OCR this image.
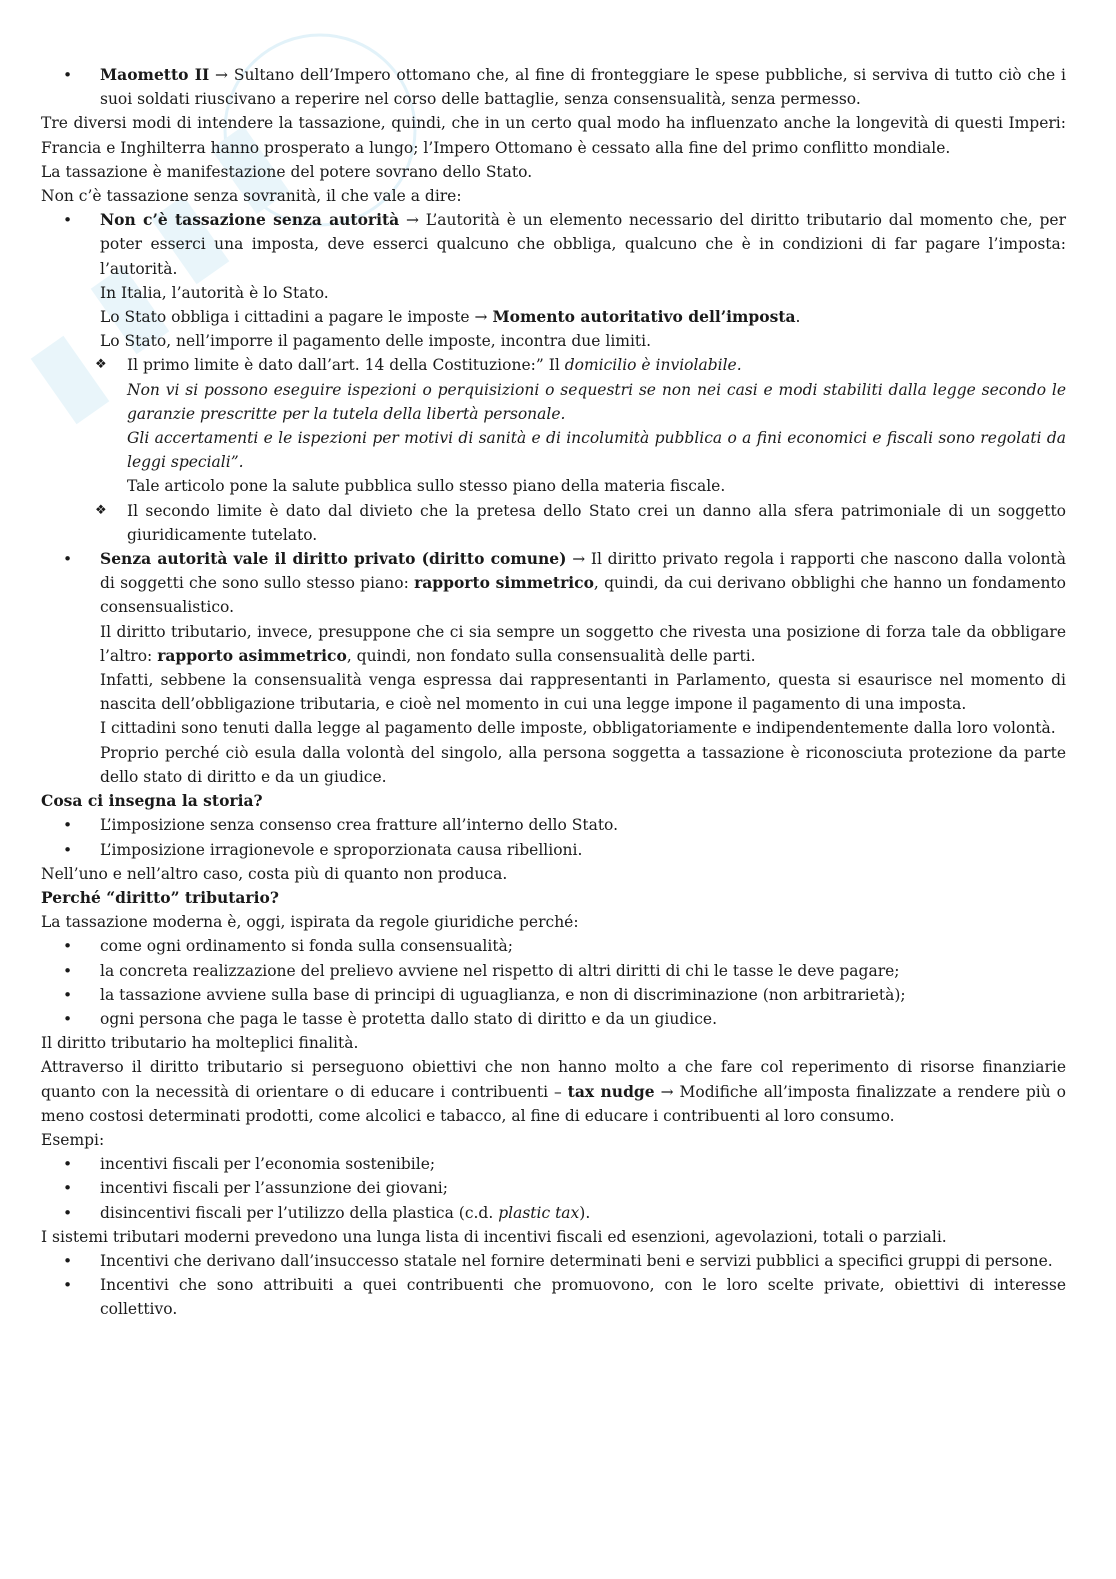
• Maometto II → Sultano dell’Impero ottomano che, al fine di fronteggiare le spese pubbliche, si serviva di tutto ciò che i suoi soldati riuscivano a reperire nel corso delle battaglie, senza consensualità, senza permesso.

Tre diversi modi di intendere la tassazione, quindi, che in un certo qual modo ha influenzato anche la longevità di questi Imperi: Francia e Inghilterra hanno prosperato a lungo; l’Impero Ottomano è cessato alla fine del primo conflitto mondiale.

La tassazione è manifestazione del potere sovrano dello Stato.

Non c’è tassazione senza sovranità, il che vale a dire:

• Non c’è tassazione senza autorità → L’autorità è un elemento necessario del diritto tributario dal momento che, per poter esserci una imposta, deve esserci qualcuno che obbliga, qualcuno che è in condizioni di far pagare l’imposta: l’autorità.

In Italia, l’autorità è lo Stato.

Lo Stato obbliga i cittadini a pagare le imposte → Momento autoritativo dell’imposta.

Lo Stato, nell’imporre il pagamento delle imposte, incontra due limiti.

❖ Il primo limite è dato dall’art. 14 della Costituzione:” Il domicilio è inviolabile.

Non vi si possono eseguire ispezioni o perquisizioni o sequestri se non nei casi e modi stabiliti dalla legge secondo le garanzie prescritte per la tutela della libertà personale.

Gli accertamenti e le ispezioni per motivi di sanità e di incolumità pubblica o a fini economici e fiscali sono regolati da leggi speciali”.

Tale articolo pone la salute pubblica sullo stesso piano della materia fiscale.

❖ Il secondo limite è dato dal divieto che la pretesa dello Stato crei un danno alla sfera patrimoniale di un soggetto giuridicamente tutelato.
• Senza autorità vale il diritto privato (diritto comune) → Il diritto privato regola i rapporti che nascono dalla volontà di soggetti che sono sullo stesso piano: rapporto simmetrico, quindi, da cui derivano obblighi che hanno un fondamento consensualistico.

Il diritto tributario, invece, presuppone che ci sia sempre un soggetto che rivesta una posizione di forza tale da obbligare l’altro: rapporto asimmetrico, quindi, non fondato sulla consensualità delle parti.

Infatti, sebbene la consensualità venga espressa dai rappresentanti in Parlamento, questa si esaurisce nel momento di nascita dell’obbligazione tributaria, e cioè nel momento in cui una legge impone il pagamento di una imposta.

I cittadini sono tenuti dalla legge al pagamento delle imposte, obbligatoriamente e indipendentemente dalla loro volontà.

Proprio perché ciò esula dalla volontà del singolo, alla persona soggetta a tassazione è riconosciuta protezione da parte dello stato di diritto e da un giudice.

Cosa ci insegna la storia?

• L’imposizione senza consenso crea fratture all’interno dello Stato.
• L’imposizione irragionevole e sproporzionata causa ribellioni.

Nell’uno e nell’altro caso, costa più di quanto non produca.

Perché “diritto” tributario?

La tassazione moderna è, oggi, ispirata da regole giuridiche perché:

• come ogni ordinamento si fonda sulla consensualità;
• la concreta realizzazione del prelievo avviene nel rispetto di altri diritti di chi le tasse le deve pagare;
• la tassazione avviene sulla base di principi di uguaglianza, e non di discriminazione (non arbitrarietà);
• ogni persona che paga le tasse è protetta dallo stato di diritto e da un giudice.

Il diritto tributario ha molteplici finalità.

Attraverso il diritto tributario si perseguono obiettivi che non hanno molto a che fare col reperimento di risorse finanziarie quanto con la necessità di orientare o di educare i contribuenti – tax nudge → Modifiche all’imposta finalizzate a rendere più o meno costosi determinati prodotti, come alcolici e tabacco, al fine di educare i contribuenti al loro consumo.

Esempi:

• incentivi fiscali per l’economia sostenibile;
• incentivi fiscali per l’assunzione dei giovani;
• disincentivi fiscali per l’utilizzo della plastica (c.d. plastic tax).

I sistemi tributari moderni prevedono una lunga lista di incentivi fiscali ed esenzioni, agevolazioni, totali o parziali.

• Incentivi che derivano dall’insuccesso statale nel fornire determinati beni e servizi pubblici a specifici gruppi di persone.
• Incentivi che sono attribuiti a quei contribuenti che promuovono, con le loro scelte private, obiettivi di interesse collettivo.
